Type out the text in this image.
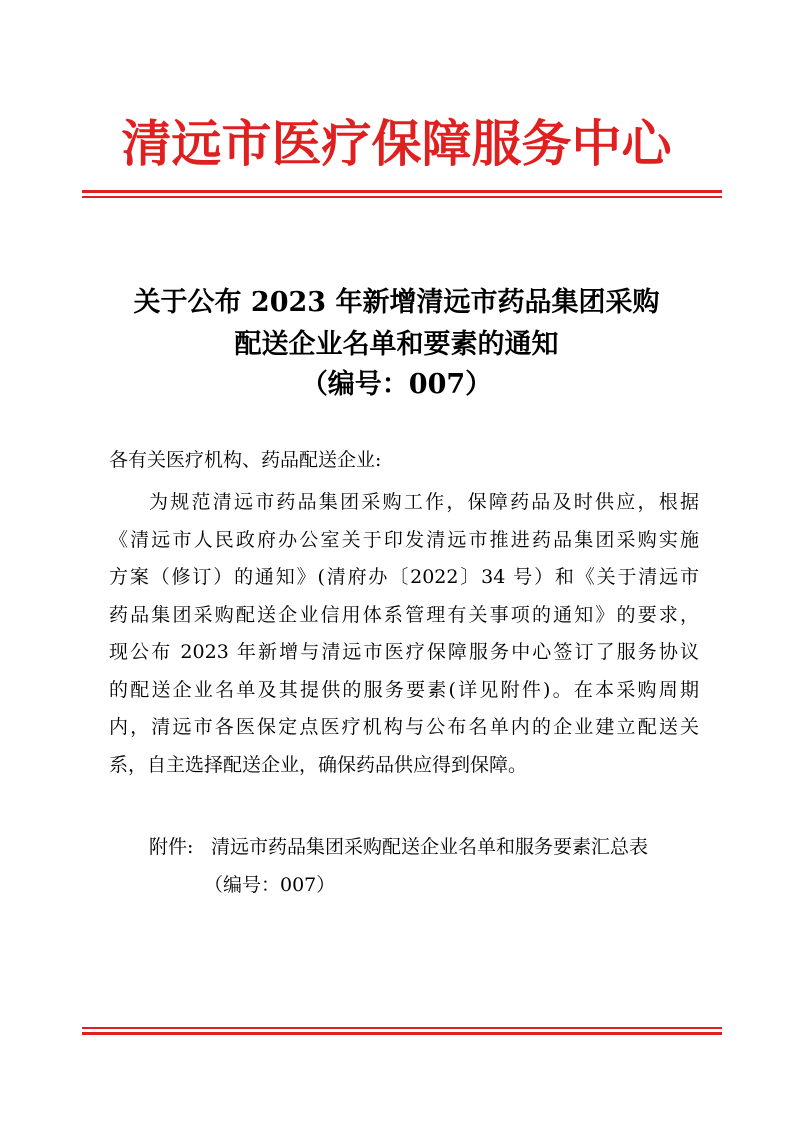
清远市医疗保障服务中心
关于公布 2023 年新增清远市药品集团采购
配送企业名单和要素的通知
（编号：007）
各有关医疗机构、药品配送企业:
为规范清远市药品集团采购工作，保障药品及时供应，根据
《清远市人民政府办公室关于印发清远市推进药品集团采购实施
方案（修订）的通知》(清府办〔2022〕34 号）和《关于清远市
药品集团采购配送企业信用体系管理有关事项的通知》的要求，
现公布 2023 年新增与清远市医疗保障服务中心签订了服务协议
的配送企业名单及其提供的服务要素(详见附件)。在本采购周期
内，清远市各医保定点医疗机构与公布名单内的企业建立配送关
系，自主选择配送企业，确保药品供应得到保障。
附件: 清远市药品集团采购配送企业名单和服务要素汇总表
（编号：007）
